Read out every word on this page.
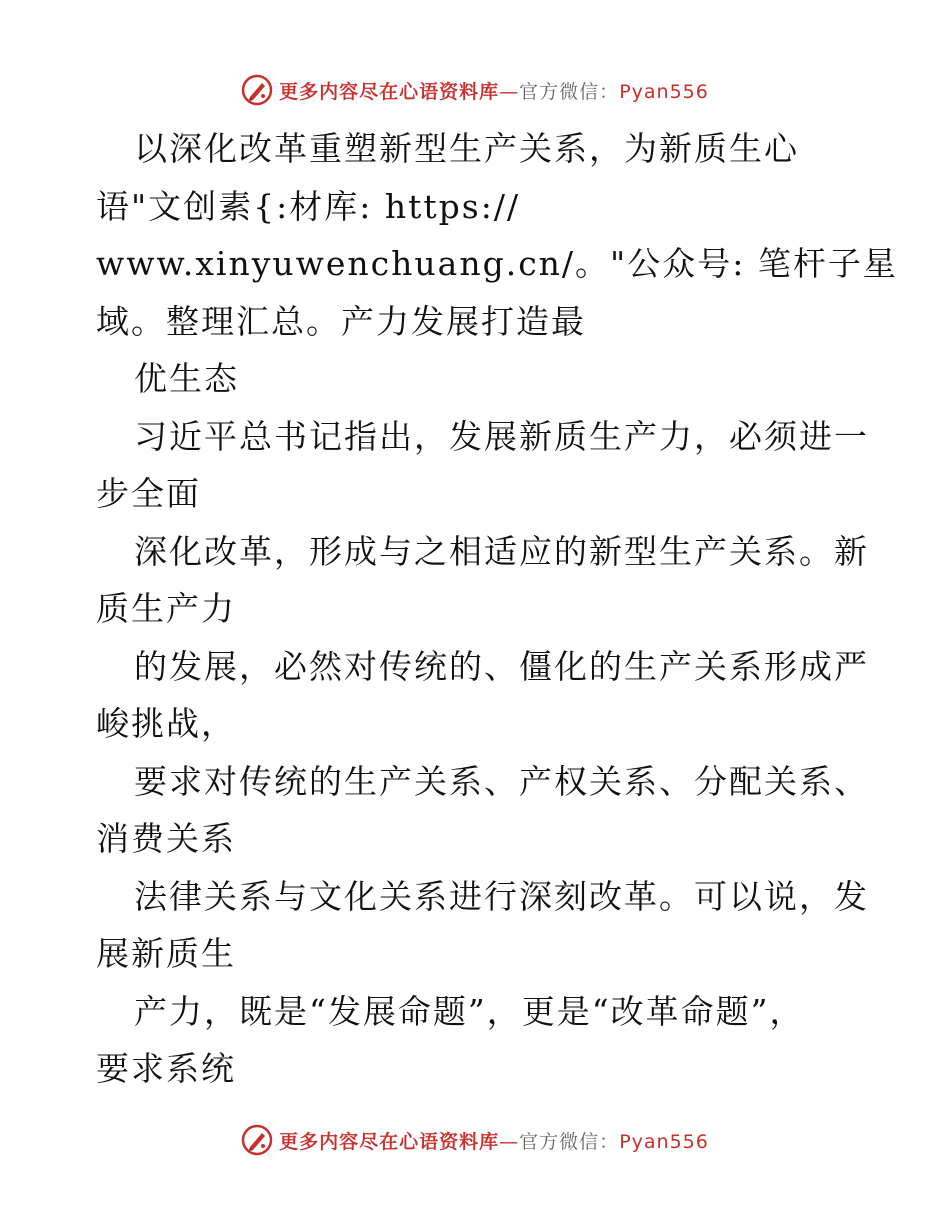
更多内容尽在心语资料库—官方微信：Pyan556
以深化改革重塑新型生产关系，为新质生心
语"文创素{:材库: https://
www.xinyuwenchuang.cn/。"公众号: 笔杆子星
域。整理汇总。产力发展打造最
优生态
习近平总书记指出，发展新质生产力，必须进一
步全面
深化改革，形成与之相适应的新型生产关系。新
质生产力
的发展，必然对传统的、僵化的生产关系形成严
峻挑战，
要求对传统的生产关系、产权关系、分配关系、
消费关系
法律关系与文化关系进行深刻改革。可以说，发
展新质生
产力，既是“发展命题”，更是“改革命题”，
要求系统
更多内容尽在心语资料库—官方微信：Pyan556
